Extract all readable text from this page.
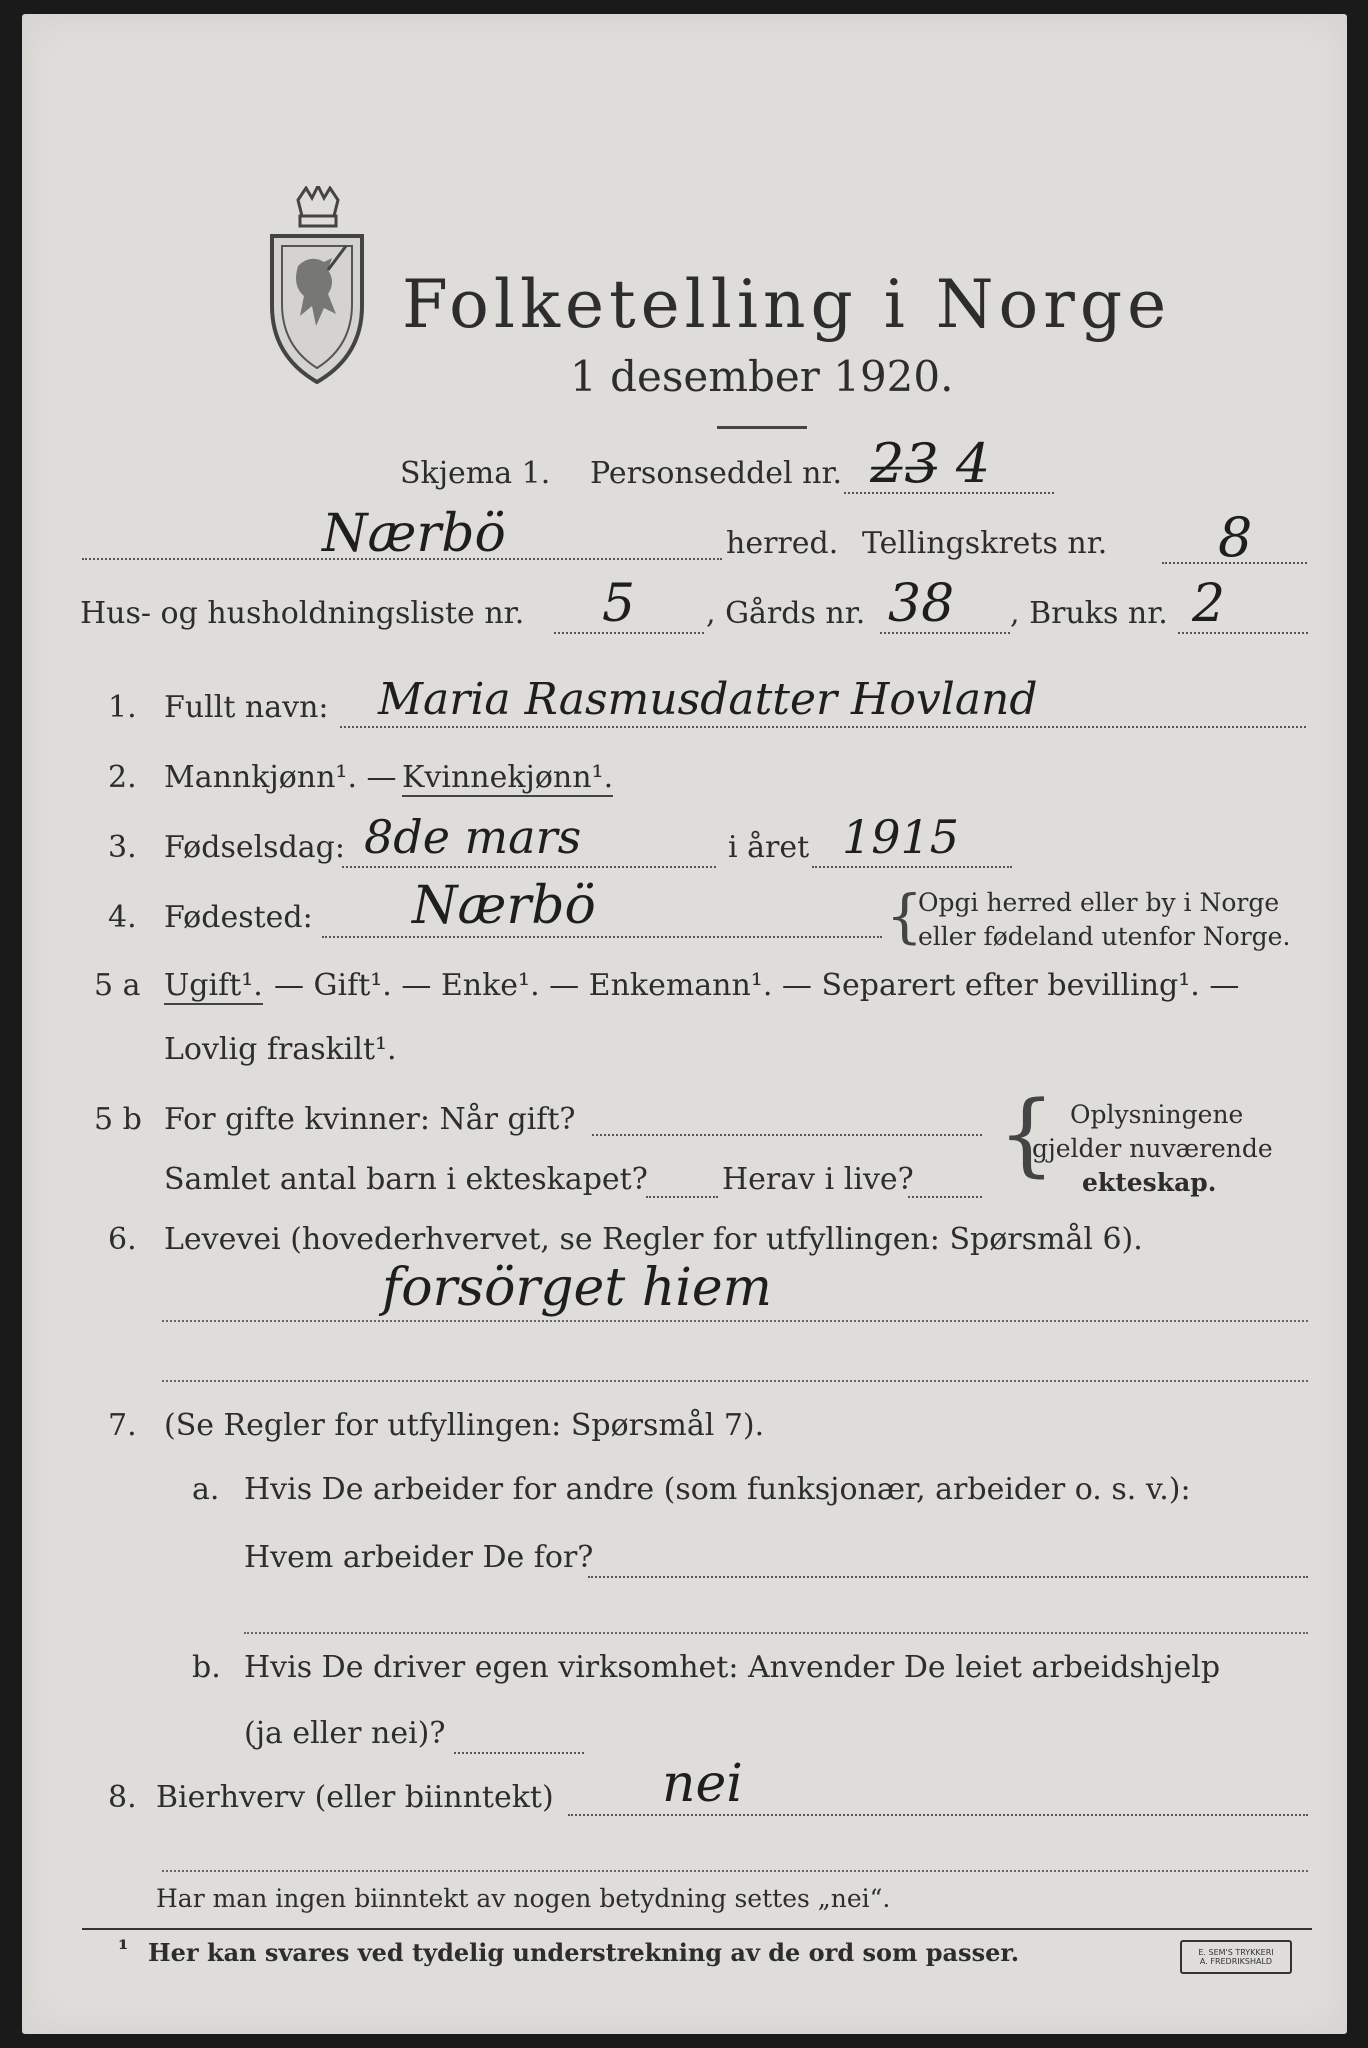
Folketelling i Norge
1 desember 1920.
Skjema 1. Personseddel nr. 2̶3̶ 4
Nærbö	herred. Tellingskrets nr. 8
Hus- og husholdningsliste nr. 5 , Gårds nr. 38 , Bruks nr. 2
1. Fullt navn: Maria Rasmusdatter Hovland
2. Mannkjønn¹. — Kvinnekjønn¹.
3. Fødselsdag: 8de mars	i året 1915
4. Fødested: Nærbö	{
Opgi herred eller by i Norge
eller fødeland utenfor Norge.
5 a Ugift¹. — Gift¹. — Enke¹. — Enkemann¹. — Separert efter bevilling¹. —
Lovlig fraskilt¹.
5 b For gifte kvinner: Når gift?
Samlet antal barn i ekteskapet? Herav i live? { Oplysningene
gjelder nuværende
ekteskap.
6. Levevei (hovederhvervet, se Regler for utfyllingen: Spørsmål 6).
forsörget hiem
7. (Se Regler for utfyllingen: Spørsmål 7).
a. Hvis De arbeider for andre (som funksjonær, arbeider o. s. v.):
Hvem arbeider De for?
b. Hvis De driver egen virksomhet: Anvender De leiet arbeidshjelp
(ja eller nei)?
8. Bierhverv (eller biinntekt) nei
Har man ingen biinntekt av nogen betydning settes „nei“.
¹ Her kan svares ved tydelig understrekning av de ord som passer.	E. SEM'S TRYKKERI
A. FREDRIKSHALD
